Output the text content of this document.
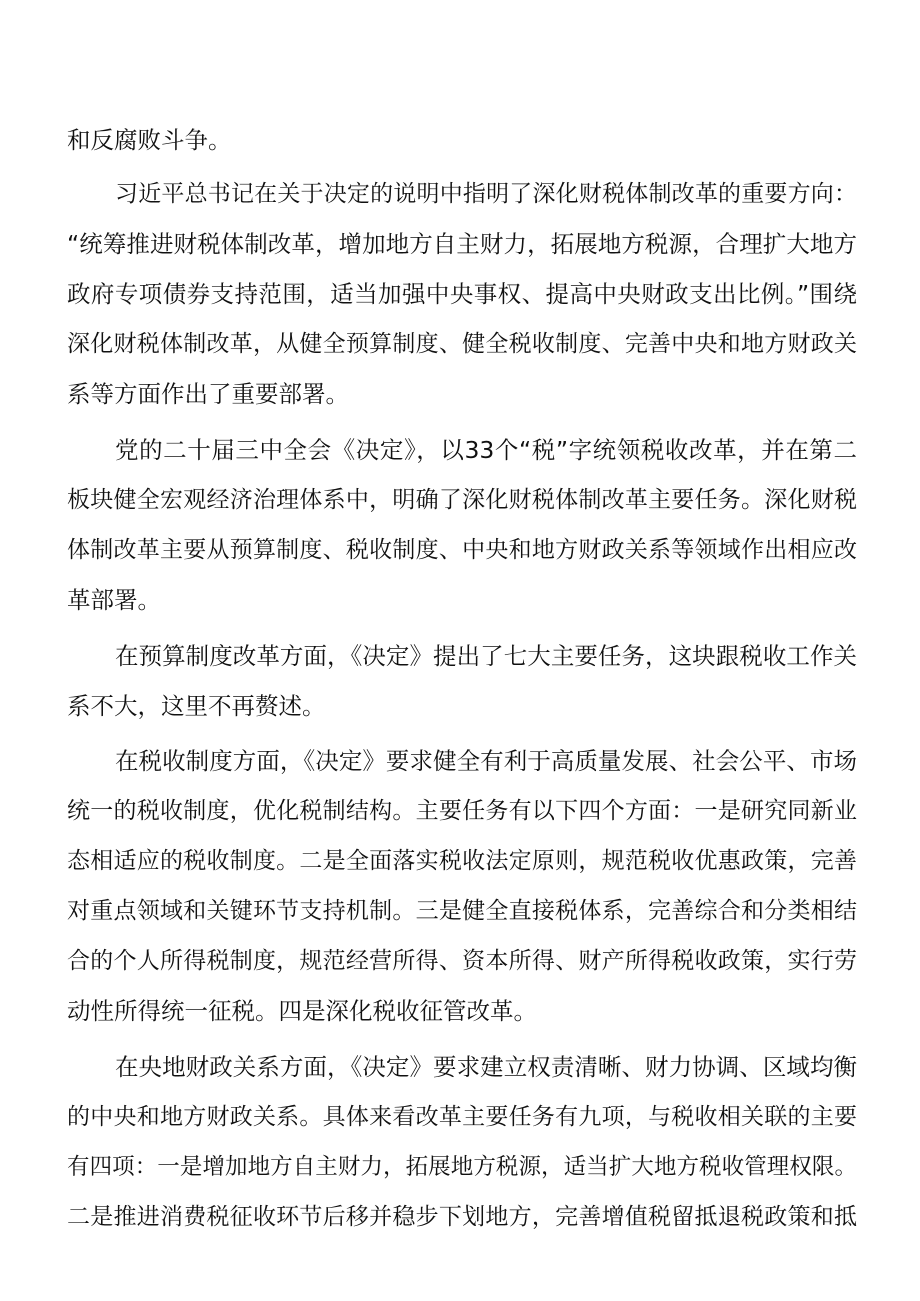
和反腐败斗争。
习近平总书记在关于决定的说明中指明了深化财税体制改革的重要方向：
“统筹推进财税体制改革，增加地方自主财力，拓展地方税源，合理扩大地方
政府专项债券支持范围，适当加强中央事权、提高中央财政支出比例。”围绕
深化财税体制改革，从健全预算制度、健全税收制度、完善中央和地方财政关
系等方面作出了重要部署。
党的二十届三中全会《决定》，以33个“税”字统领税收改革，并在第二
板块健全宏观经济治理体系中，明确了深化财税体制改革主要任务。深化财税
体制改革主要从预算制度、税收制度、中央和地方财政关系等领域作出相应改
革部署。
在预算制度改革方面，《决定》提出了七大主要任务，这块跟税收工作关
系不大，这里不再赘述。
在税收制度方面，《决定》要求健全有利于高质量发展、社会公平、市场
统一的税收制度，优化税制结构。主要任务有以下四个方面：一是研究同新业
态相适应的税收制度。二是全面落实税收法定原则，规范税收优惠政策，完善
对重点领域和关键环节支持机制。三是健全直接税体系，完善综合和分类相结
合的个人所得税制度，规范经营所得、资本所得、财产所得税收政策，实行劳
动性所得统一征税。四是深化税收征管改革。
在央地财政关系方面，《决定》要求建立权责清晰、财力协调、区域均衡
的中央和地方财政关系。具体来看改革主要任务有九项，与税收相关联的主要
有四项：一是增加地方自主财力，拓展地方税源，适当扩大地方税收管理权限。
二是推进消费税征收环节后移并稳步下划地方，完善增值税留抵退税政策和抵
